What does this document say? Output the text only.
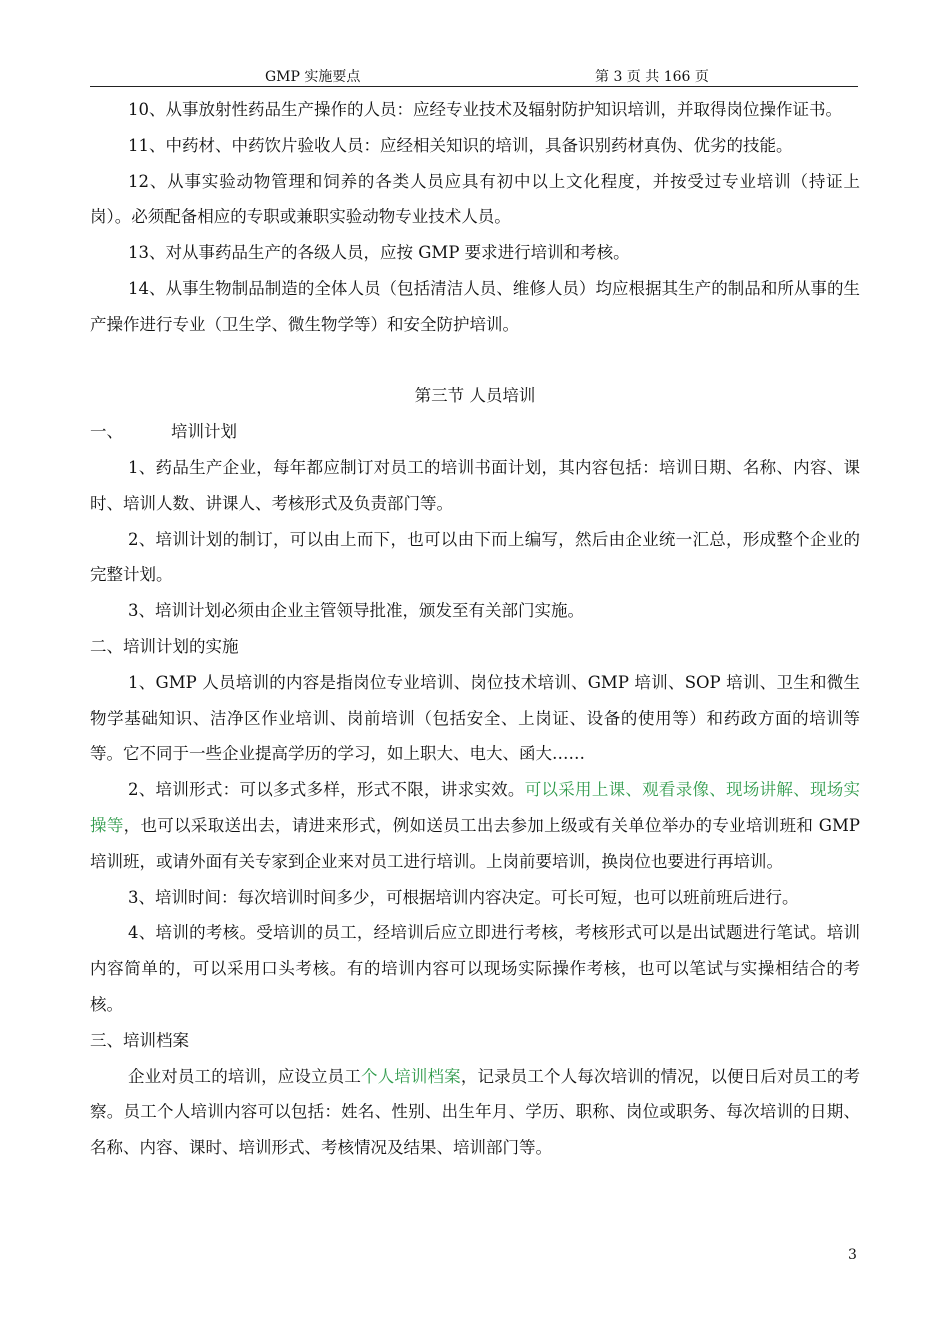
GMP 实施要点	第 3 页 共 166 页

10、从事放射性药品生产操作的人员：应经专业技术及辐射防护知识培训，并取得岗位操作证书。

11、中药材、中药饮片验收人员：应经相关知识的培训，具备识别药材真伪、优劣的技能。

12、从事实验动物管理和饲养的各类人员应具有初中以上文化程度，并按受过专业培训（持证上岗）。必须配备相应的专职或兼职实验动物专业技术人员。

13、对从事药品生产的各级人员，应按 GMP 要求进行培训和考核。

14、从事生物制品制造的全体人员（包括清洁人员、维修人员）均应根据其生产的制品和所从事的生产操作进行专业（卫生学、微生物学等）和安全防护培训。

第三节 人员培训

一、	培训计划

1、药品生产企业，每年都应制订对员工的培训书面计划，其内容包括：培训日期、名称、内容、课时、培训人数、讲课人、考核形式及负责部门等。

2、培训计划的制订，可以由上而下，也可以由下而上编写，然后由企业统一汇总，形成整个企业的完整计划。

3、培训计划必须由企业主管领导批准，颁发至有关部门实施。

二、培训计划的实施

1、GMP 人员培训的内容是指岗位专业培训、岗位技术培训、GMP 培训、SOP 培训、卫生和微生物学基础知识、洁净区作业培训、岗前培训（包括安全、上岗证、设备的使用等）和药政方面的培训等等。它不同于一些企业提高学历的学习，如上职大、电大、函大……

2、培训形式：可以多式多样，形式不限，讲求实效。可以采用上课、观看录像、现场讲解、现场实操等，也可以采取送出去，请进来形式，例如送员工出去参加上级或有关单位举办的专业培训班和 GMP 培训班，或请外面有关专家到企业来对员工进行培训。上岗前要培训，换岗位也要进行再培训。

3、培训时间：每次培训时间多少，可根据培训内容决定。可长可短，也可以班前班后进行。

4、培训的考核。受培训的员工，经培训后应立即进行考核，考核形式可以是出试题进行笔试。培训内容简单的，可以采用口头考核。有的培训内容可以现场实际操作考核，也可以笔试与实操相结合的考核。

三、培训档案

企业对员工的培训，应设立员工个人培训档案，记录员工个人每次培训的情况，以便日后对员工的考察。员工个人培训内容可以包括：姓名、性别、出生年月、学历、职称、岗位或职务、每次培训的日期、名称、内容、课时、培训形式、考核情况及结果、培训部门等。

3
